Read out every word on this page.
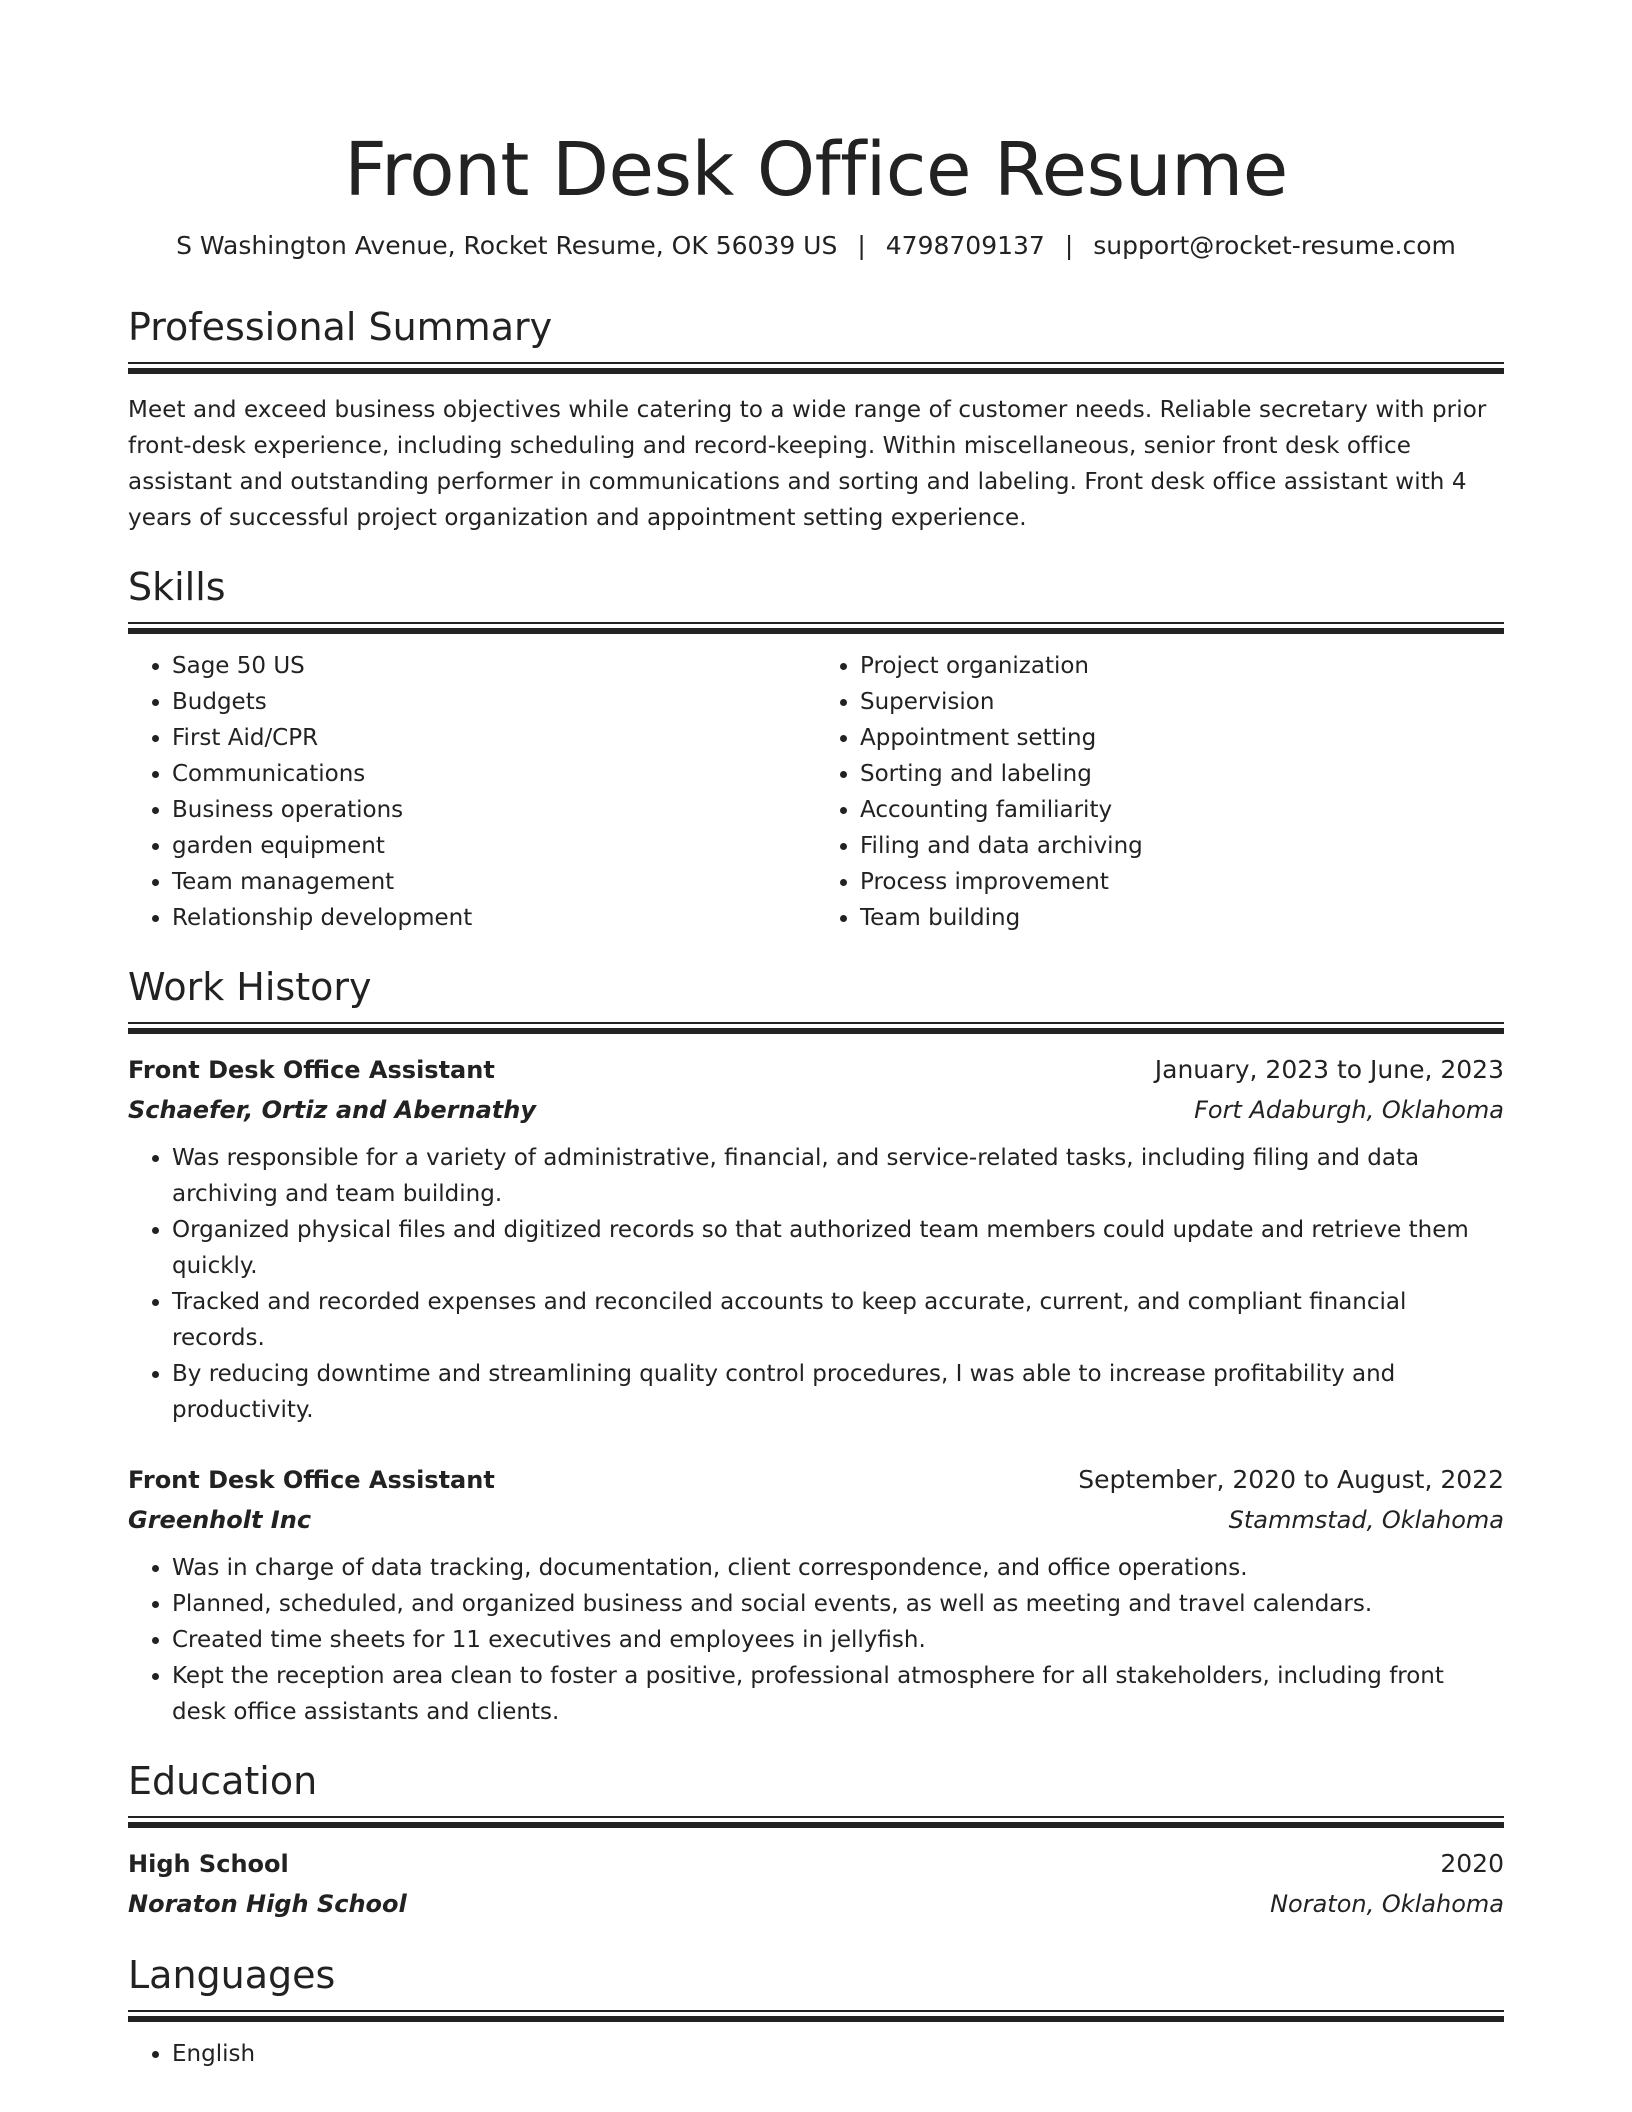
Front Desk Office Resume
S Washington Avenue, Rocket Resume, OK 56039 US | 4798709137 | support@rocket-resume.com
Professional Summary
Meet and exceed business objectives while catering to a wide range of customer needs. Reliable secretary with prior front-desk experience, including scheduling and record-keeping. Within miscellaneous, senior front desk office assistant and outstanding performer in communications and sorting and labeling. Front desk office assistant with 4 years of successful project organization and appointment setting experience.
Skills
• Sage 50 US
• Budgets
• First Aid/CPR
• Communications
• Business operations
• garden equipment
• Team management
• Relationship development
• Project organization
• Supervision
• Appointment setting
• Sorting and labeling
• Accounting familiarity
• Filing and data archiving
• Process improvement
• Team building
Work History
Front Desk Office Assistant	January, 2023 to June, 2023
Schaefer, Ortiz and Abernathy	Fort Adaburgh, Oklahoma
• Was responsible for a variety of administrative, financial, and service-related tasks, including filing and data archiving and team building.
• Organized physical files and digitized records so that authorized team members could update and retrieve them quickly.
• Tracked and recorded expenses and reconciled accounts to keep accurate, current, and compliant financial records.
• By reducing downtime and streamlining quality control procedures, I was able to increase profitability and productivity.
Front Desk Office Assistant	September, 2020 to August, 2022
Greenholt Inc	Stammstad, Oklahoma
• Was in charge of data tracking, documentation, client correspondence, and office operations.
• Planned, scheduled, and organized business and social events, as well as meeting and travel calendars.
• Created time sheets for 11 executives and employees in jellyfish.
• Kept the reception area clean to foster a positive, professional atmosphere for all stakeholders, including front desk office assistants and clients.
Education
High School	2020
Noraton High School	Noraton, Oklahoma
Languages
• English
